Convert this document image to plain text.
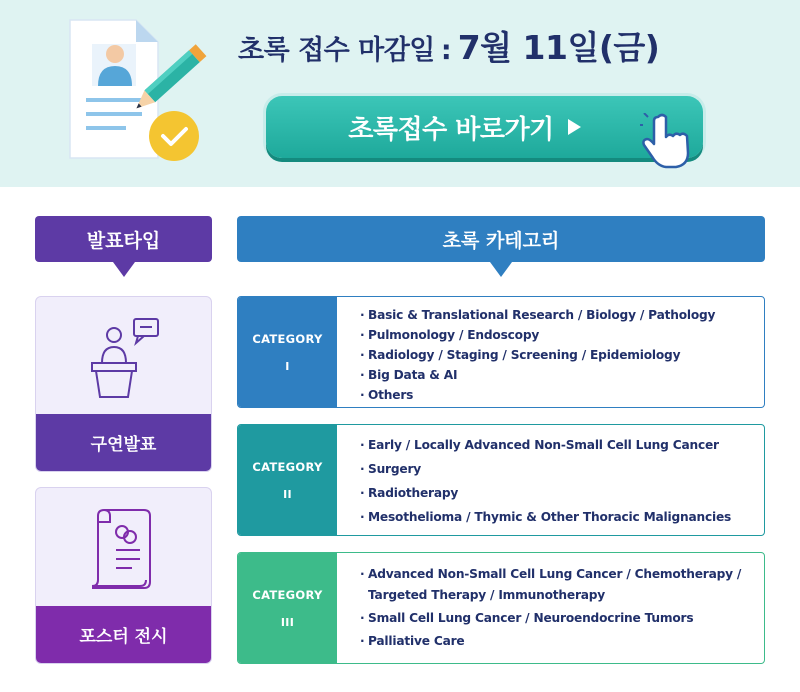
초록 접수 마감일 : 7월 11일(금)
초록접수 바로가기
발표타입	초록 카테고리
구연발표
포스터 전시
CATEGORY
I
· Basic & Translational Research / Biology / Pathology
· Pulmonology / Endoscopy
· Radiology / Staging / Screening / Epidemiology
· Big Data & AI
· Others
CATEGORY
II
· Early / Locally Advanced Non-Small Cell Lung Cancer
· Surgery
· Radiotherapy
· Mesothelioma / Thymic & Other Thoracic Malignancies
CATEGORY
III
· Advanced Non-Small Cell Lung Cancer / Chemotherapy / Targeted Therapy / Immunotherapy
· Small Cell Lung Cancer / Neuroendocrine Tumors
· Palliative Care
